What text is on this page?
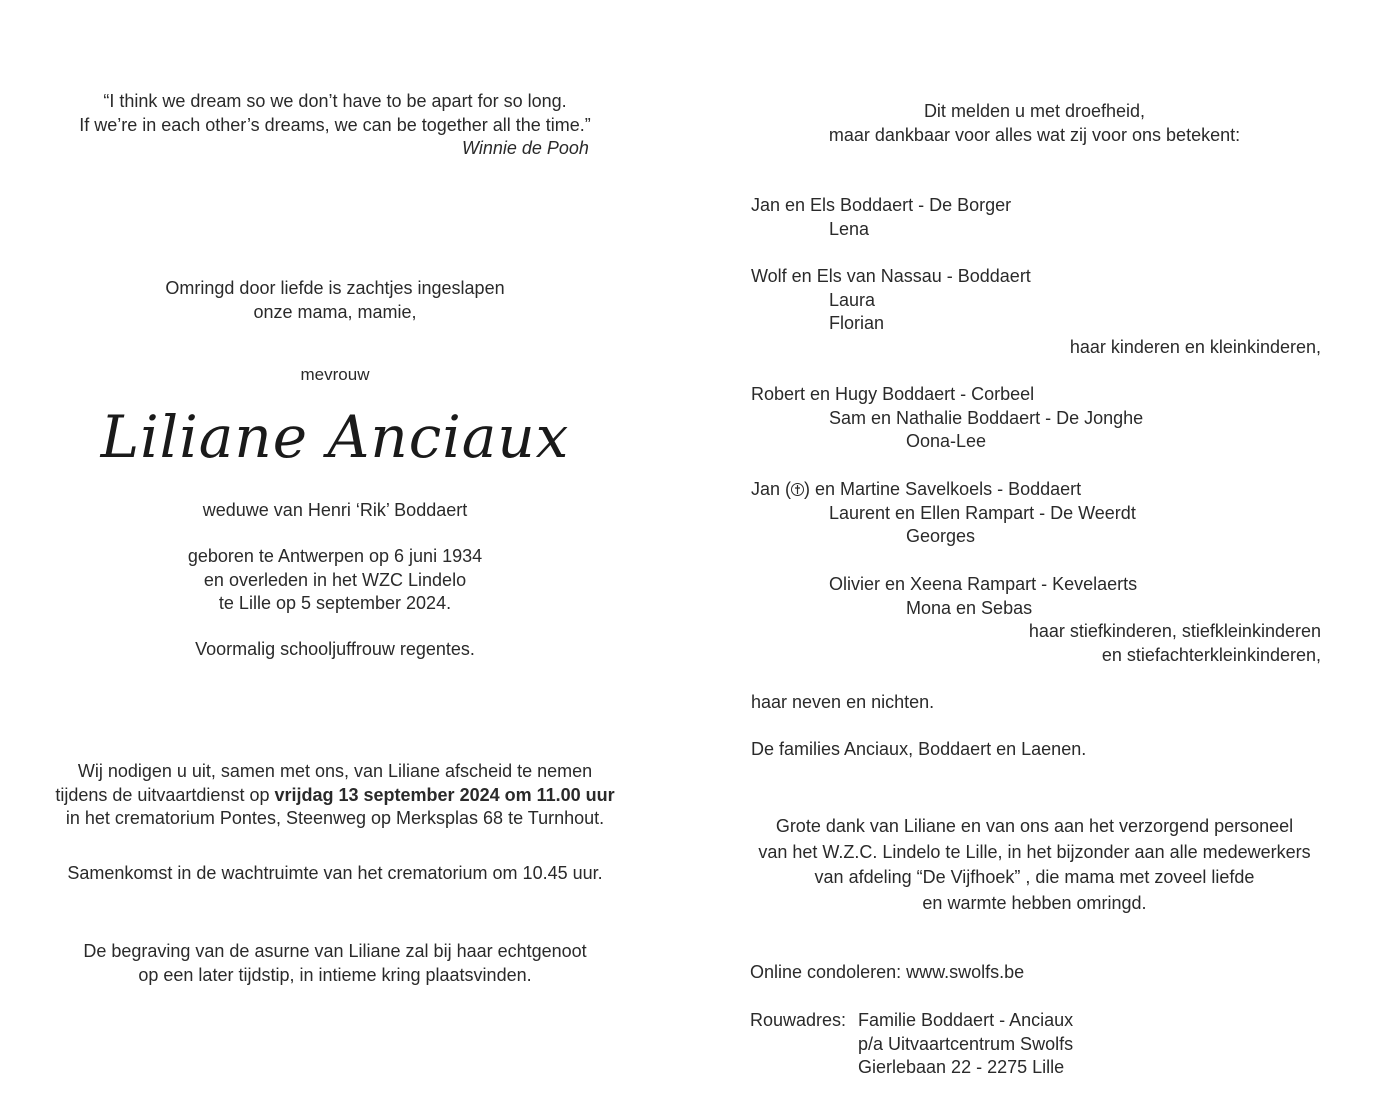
“I think we dream so we don’t have to be apart for so long.
If we’re in each other’s dreams, we can be together all the time.”
Winnie de Pooh
Omringd door liefde is zachtjes ingeslapen
onze mama, mamie,
mevrouw
Liliane Anciaux
weduwe van Henri ‘Rik’ Boddaert
geboren te Antwerpen op 6 juni 1934
en overleden in het WZC Lindelo
te Lille op 5 september 2024.
Voormalig schooljuffrouw regentes.
Wij nodigen u uit, samen met ons, van Liliane afscheid te nemen
tijdens de uitvaartdienst op vrijdag 13 september 2024 om 11.00 uur
in het crematorium Pontes, Steenweg op Merksplas 68 te Turnhout.
Samenkomst in de wachtruimte van het crematorium om 10.45 uur.
De begraving van de asurne van Liliane zal bij haar echtgenoot
op een later tijdstip, in intieme kring plaatsvinden.
Dit melden u met droefheid,
maar dankbaar voor alles wat zij voor ons betekent:
Jan en Els Boddaert - De Borger
Lena
Wolf en Els van Nassau - Boddaert
Laura
Florian
haar kinderen en kleinkinderen,
Robert en Hugy Boddaert - Corbeel
Sam en Nathalie Boddaert - De Jonghe
Oona-Lee
Jan ( ) en Martine Savelkoels - Boddaert
Laurent en Ellen Rampart - De Weerdt
Georges
Olivier en Xeena Rampart - Kevelaerts
Mona en Sebas
haar stiefkinderen, stiefkleinkinderen
en stiefachterkleinkinderen,
haar neven en nichten.
De families Anciaux, Boddaert en Laenen.
Grote dank van Liliane en van ons aan het verzorgend personeel
van het W.Z.C. Lindelo te Lille, in het bijzonder aan alle medewerkers
van afdeling “De Vijfhoek” , die mama met zoveel liefde
en warmte hebben omringd.
Online condoleren: www.swolfs.be
Rouwadres: Familie Boddaert - Anciaux
p/a Uitvaartcentrum Swolfs
Gierlebaan 22 - 2275 Lille
